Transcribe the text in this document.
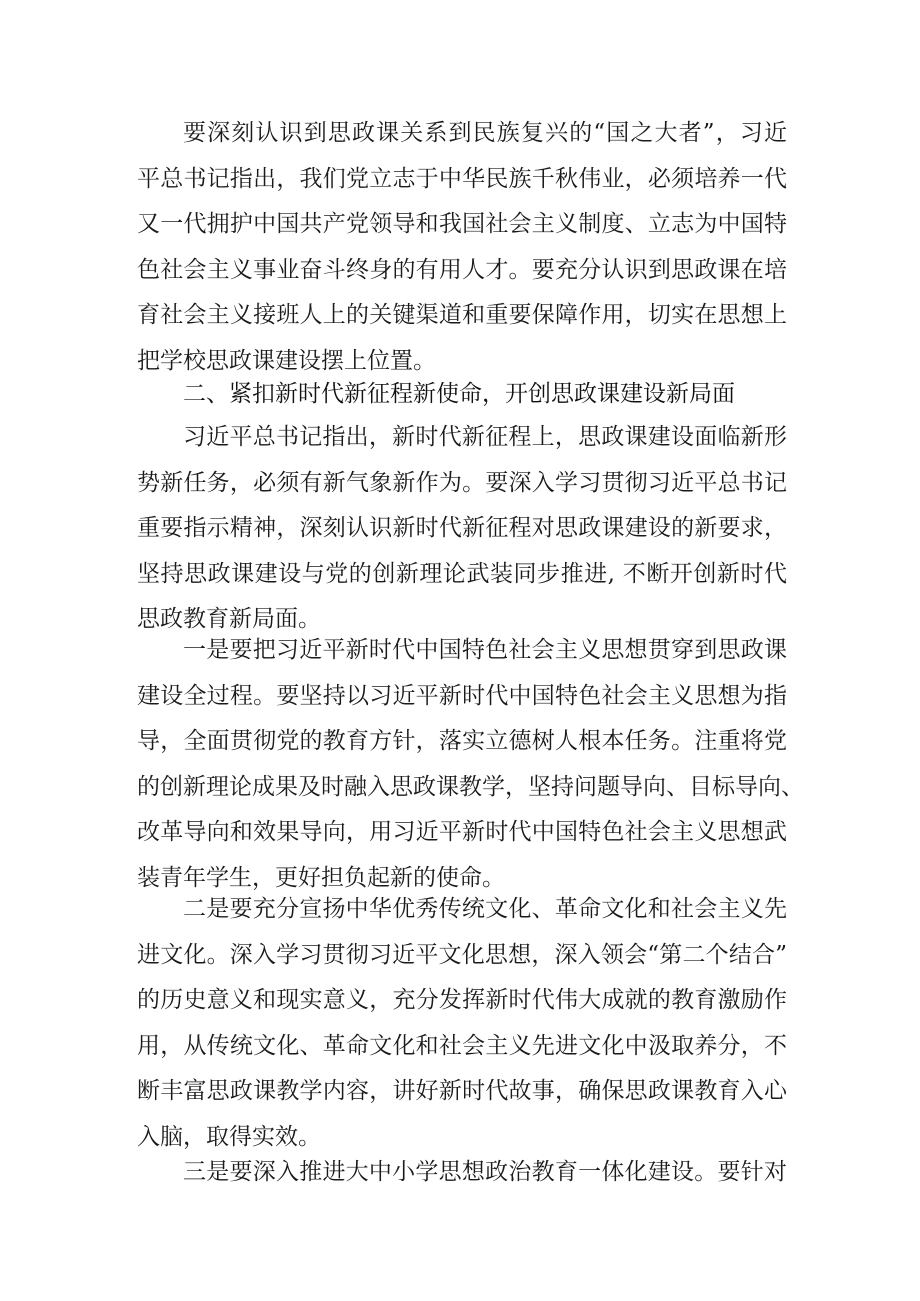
要深刻认识到思政课关系到民族复兴的“国之大者”，习近
平总书记指出，我们党立志于中华民族千秋伟业，必须培养一代
又一代拥护中国共产党领导和我国社会主义制度、立志为中国特
色社会主义事业奋斗终身的有用人才。要充分认识到思政课在培
育社会主义接班人上的关键渠道和重要保障作用，切实在思想上
把学校思政课建设摆上位置。
二、紧扣新时代新征程新使命，开创思政课建设新局面
习近平总书记指出，新时代新征程上，思政课建设面临新形
势新任务，必须有新气象新作为。要深入学习贯彻习近平总书记
重要指示精神，深刻认识新时代新征程对思政课建设的新要求，
坚持思政课建设与党的创新理论武装同步推进, 不断开创新时代
思政教育新局面。
一是要把习近平新时代中国特色社会主义思想贯穿到思政课
建设全过程。要坚持以习近平新时代中国特色社会主义思想为指
导，全面贯彻党的教育方针，落实立德树人根本任务。注重将党
的创新理论成果及时融入思政课教学，坚持问题导向、目标导向、
改革导向和效果导向，用习近平新时代中国特色社会主义思想武
装青年学生，更好担负起新的使命。
二是要充分宣扬中华优秀传统文化、革命文化和社会主义先
进文化。深入学习贯彻习近平文化思想，深入领会“第二个结合”
的历史意义和现实意义，充分发挥新时代伟大成就的教育激励作
用，从传统文化、革命文化和社会主义先进文化中汲取养分，不
断丰富思政课教学内容，讲好新时代故事，确保思政课教育入心
入脑，取得实效。
三是要深入推进大中小学思想政治教育一体化建设。要针对
